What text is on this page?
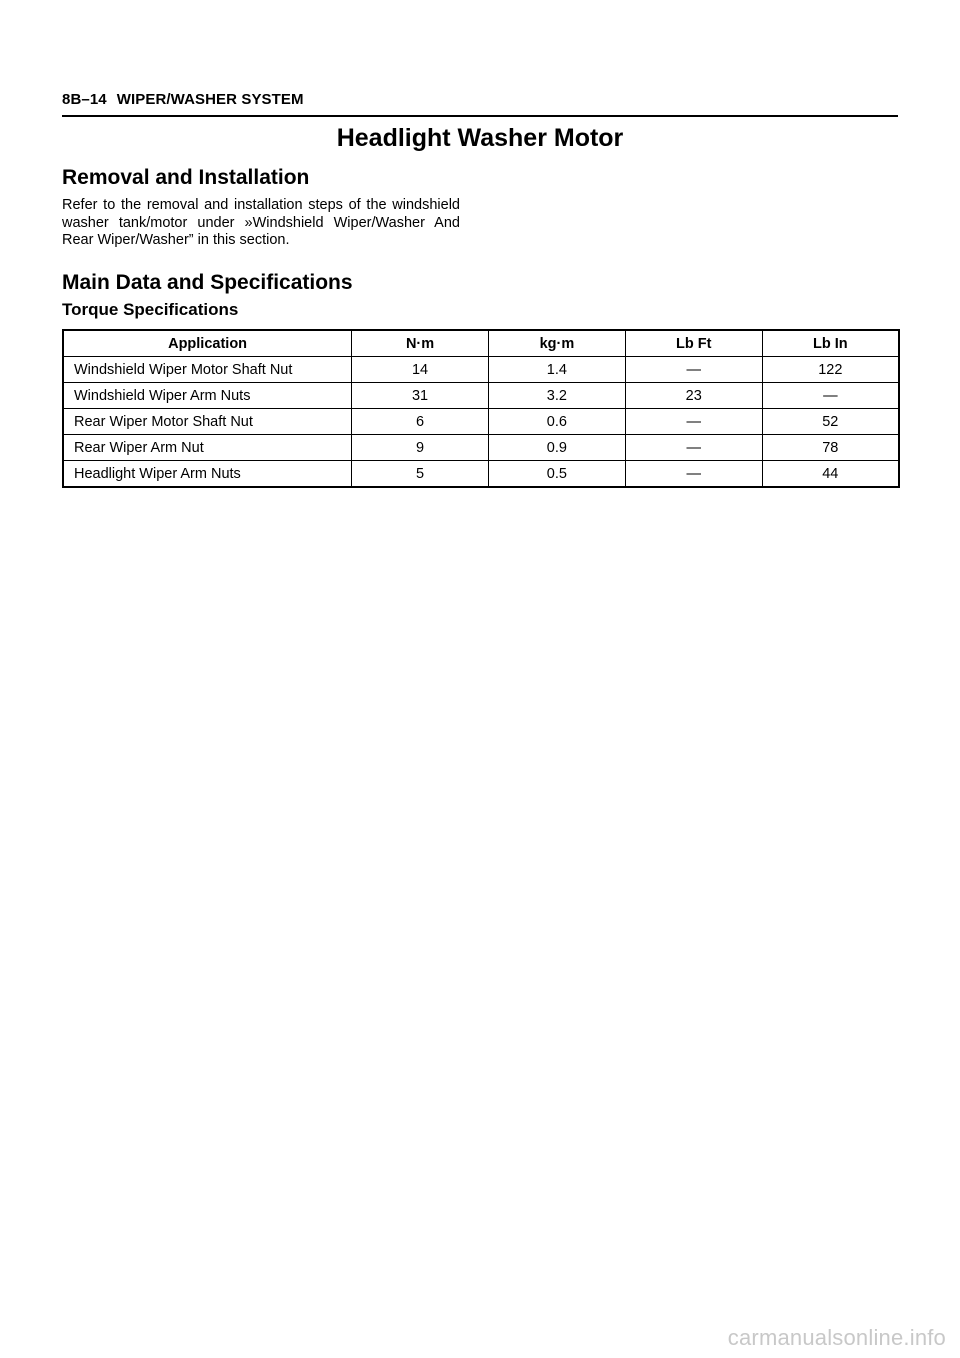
8B–14 WIPER/WASHER SYSTEM
Headlight Washer Motor
Removal and Installation

Refer to the removal and installation steps of the windshield washer tank/motor under »Windshield Wiper/Washer And Rear Wiper/Washer” in this section.

Main Data and Specifications
Torque Specifications
Application	N·m	kg·m	Lb Ft	Lb In
Windshield Wiper Motor Shaft Nut	14	1.4	—	122
Windshield Wiper Arm Nuts	31	3.2	23	—
Rear Wiper Motor Shaft Nut	6	0.6	—	52
Rear Wiper Arm Nut	9	0.9	—	78
Headlight Wiper Arm Nuts	5	0.5	—	44
carmanualsonline.info
